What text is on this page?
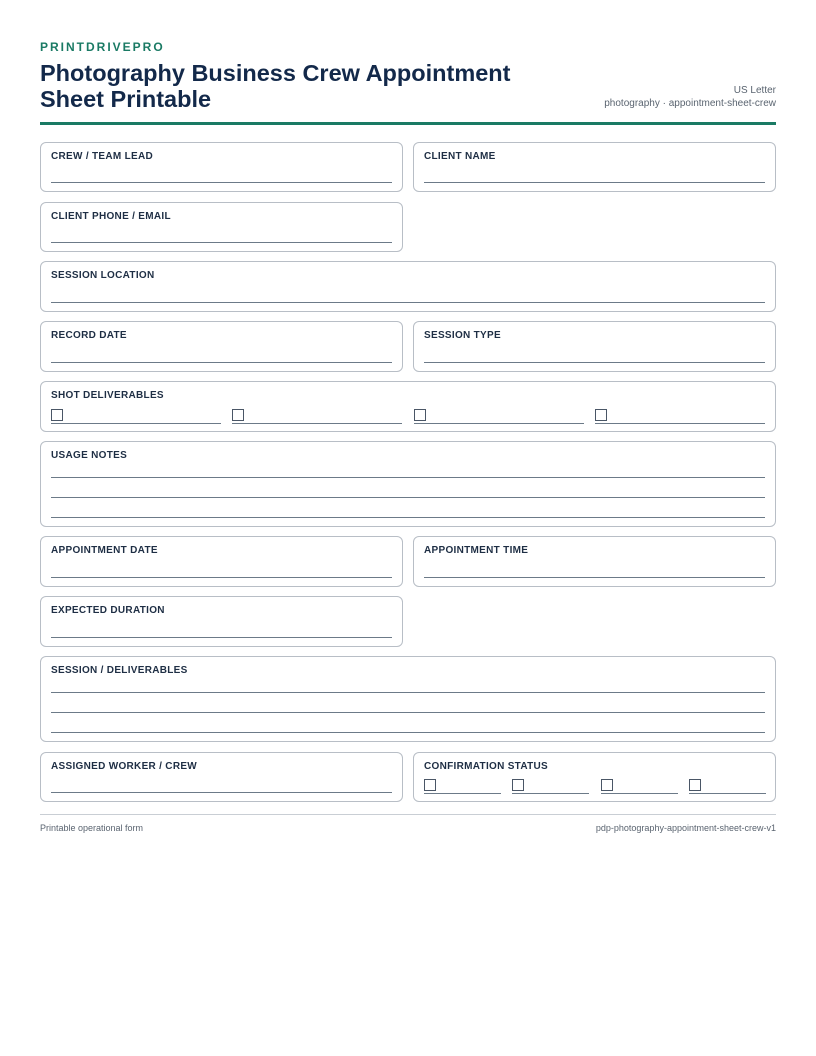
PRINTDRIVEPRO
Photography Business Crew Appointment Sheet Printable	US Letter
photography · appointment-sheet-crew
CREW / TEAM LEAD	CLIENT NAME
CLIENT PHONE / EMAIL
SESSION LOCATION
RECORD DATE	SESSION TYPE
SHOT DELIVERABLES
USAGE NOTES
APPOINTMENT DATE	APPOINTMENT TIME
EXPECTED DURATION
SESSION / DELIVERABLES
ASSIGNED WORKER / CREW	CONFIRMATION STATUS
Printable operational form	pdp-photography-appointment-sheet-crew-v1
